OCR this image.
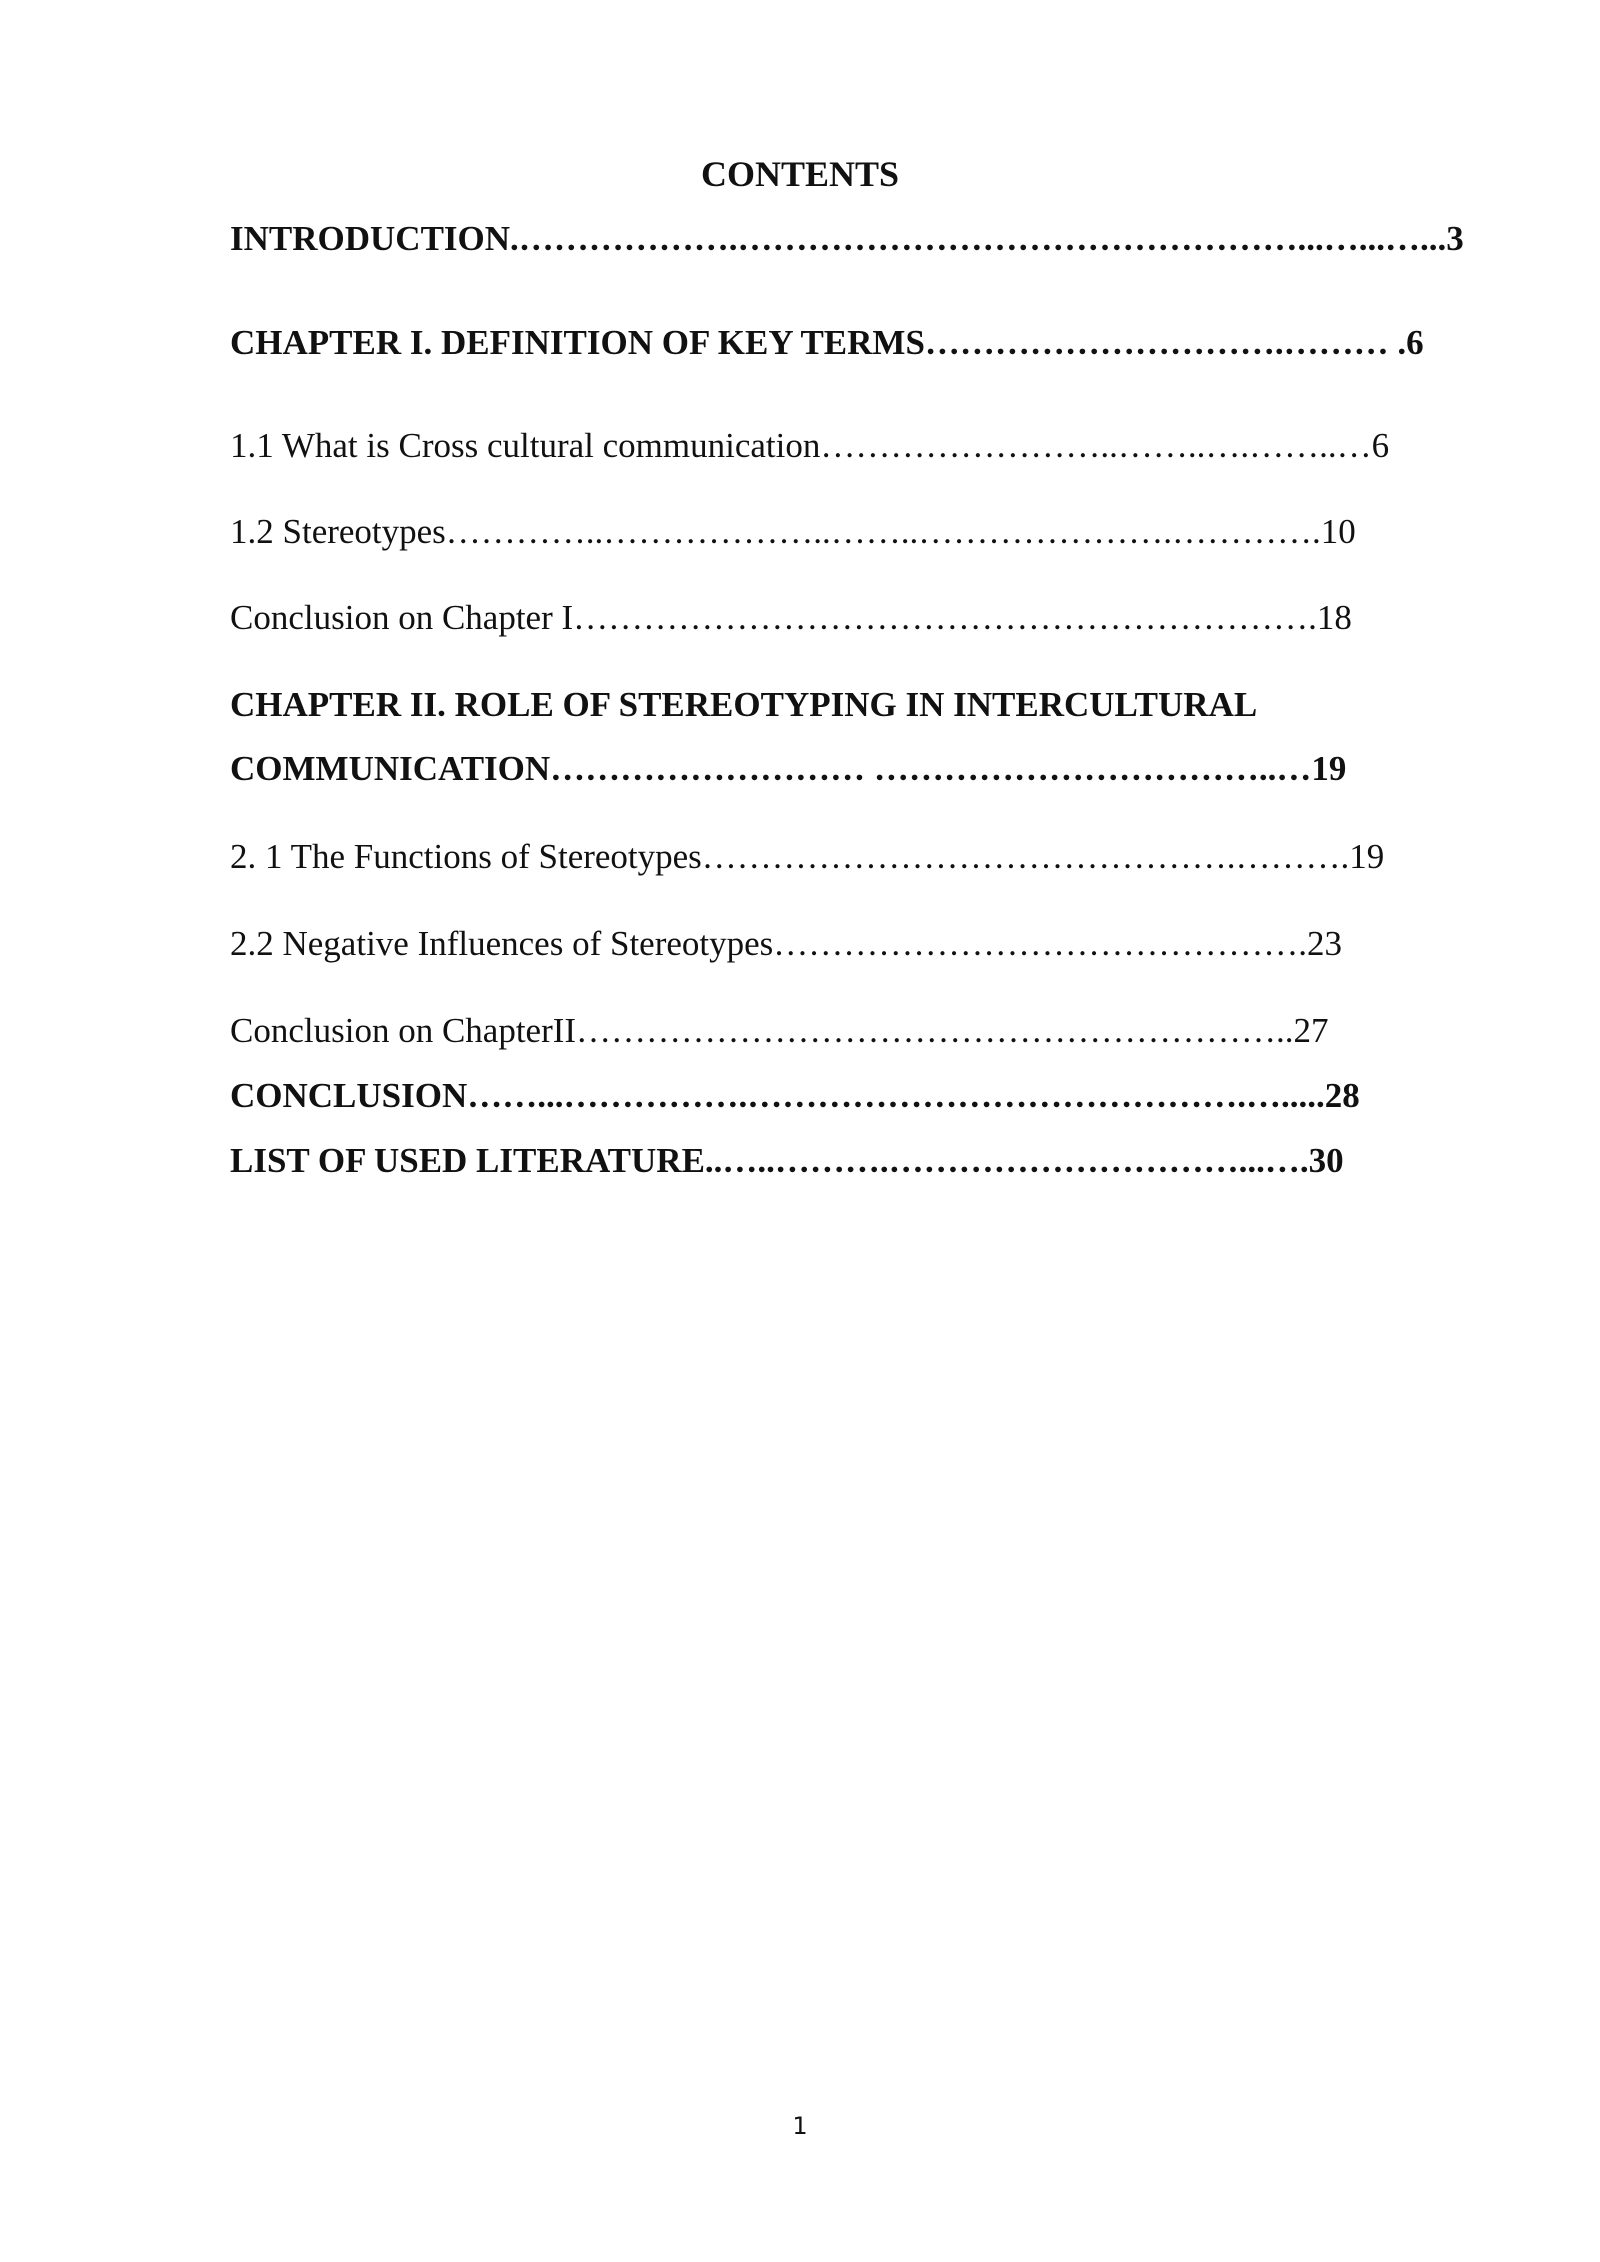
CONTENTS
INTRODUCTION.……………….…………………………………………...…...…...3
CHAPTER I. DEFINITION OF KEY TERMS………………………….……… .6
1.1 What is Cross cultural communication……………………..……..….……..…6
1.2 Stereotypes…………..………………..……..………………….………….10
Conclusion on Chapter I……………………………………………………….18
CHAPTER II. ROLE OF STEREOTYPING IN INTERCULTURAL
COMMUNICATION……………………… ……………………………..…19
2. 1 The Functions of Stereotypes……………………………………….……….19
2.2 Negative Influences of Stereotypes……………………………………….23
Conclusion on ChapterII……………………………………………………..27
CONCLUSION……...…………….…………………………………….….....28
LIST OF USED LITERATURE..…..……….…………………………...….30
1
